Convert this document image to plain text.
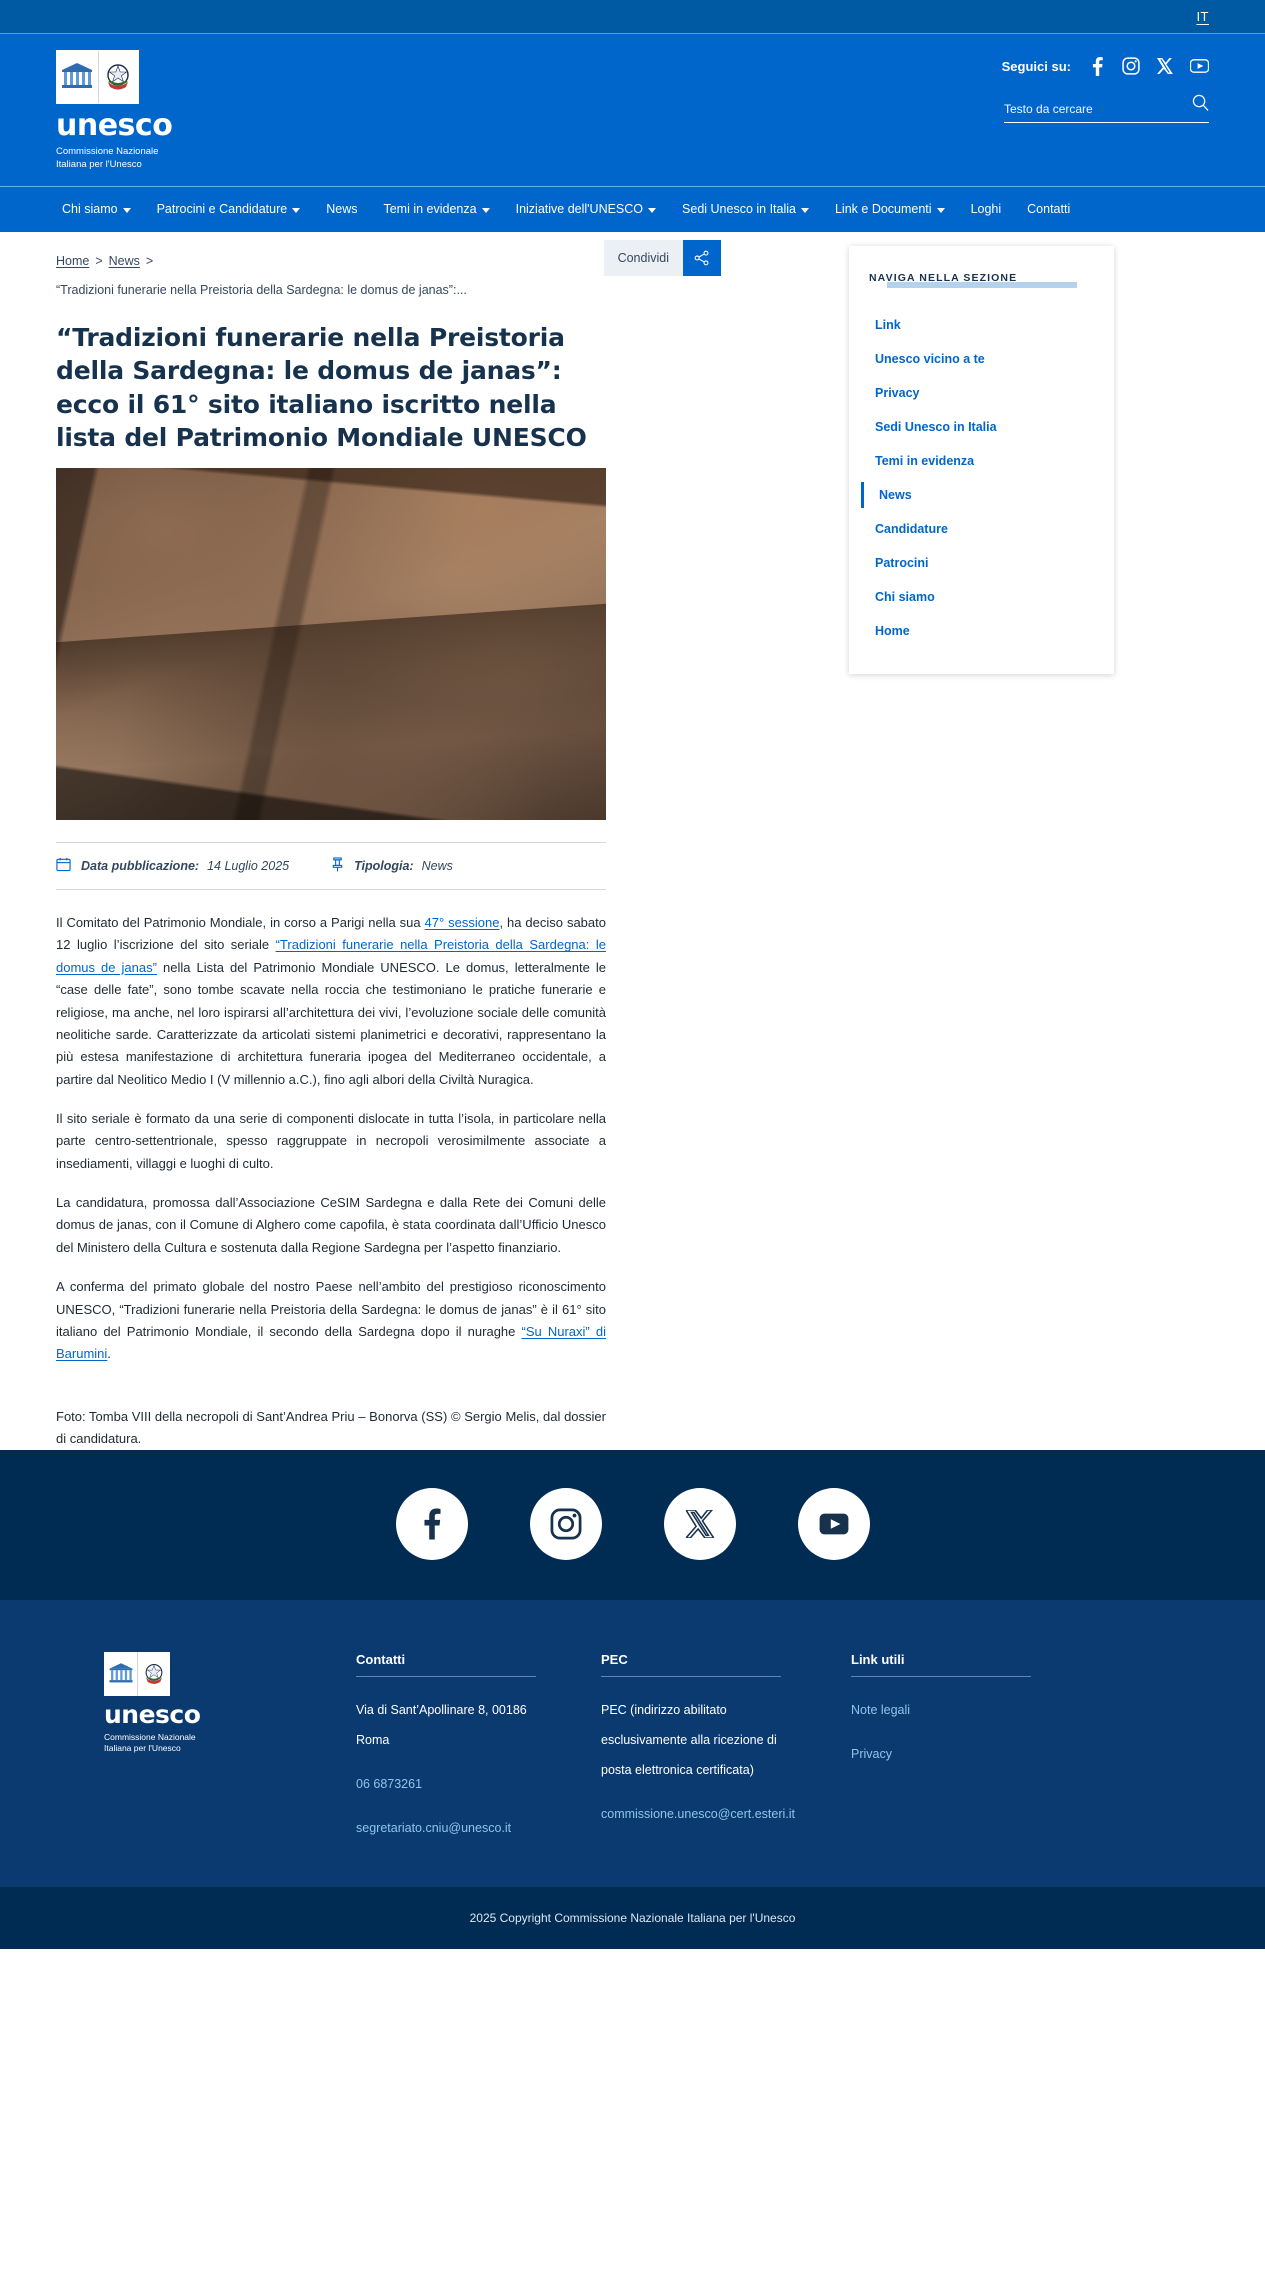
IT
unesco
Commissione Nazionale
Italiana per l'Unesco
Seguici su:
Testo da cercare
Chi siamo	Patrocini e Candidature	News Temi in evidenza	Iniziative dell'UNESCO	Sedi Unesco in Italia	Link e Documenti	Loghi Contatti
Condividi
Home > News >
“Tradizioni funerarie nella Preistoria della Sardegna: le domus de janas”:...
“Tradizioni funerarie nella Preistoria della Sardegna: le domus de janas”: ecco il 61° sito italiano iscritto nella lista del Patrimonio Mondiale UNESCO
Data pubblicazione: 14 Luglio 2025	Tipologia: News

Il Comitato del Patrimonio Mondiale, in corso a Parigi nella sua 47° sessione, ha deciso sabato 12 luglio l’iscrizione del sito seriale “Tradizioni funerarie nella Preistoria della Sardegna: le domus de janas” nella Lista del Patrimonio Mondiale UNESCO. Le domus, letteralmente le “case delle fate”, sono tombe scavate nella roccia che testimoniano le pratiche funerarie e religiose, ma anche, nel loro ispirarsi all’architettura dei vivi, l’evoluzione sociale delle comunità neolitiche sarde. Caratterizzate da articolati sistemi planimetrici e decorativi, rappresentano la più estesa manifestazione di architettura funeraria ipogea del Mediterraneo occidentale, a partire dal Neolitico Medio I (V millennio a.C.), fino agli albori della Civiltà Nuragica.

Il sito seriale è formato da una serie di componenti dislocate in tutta l’isola, in particolare nella parte centro-settentrionale, spesso raggruppate in necropoli verosimilmente associate a insediamenti, villaggi e luoghi di culto.

La candidatura, promossa dall’Associazione CeSIM Sardegna e dalla Rete dei Comuni delle domus de janas, con il Comune di Alghero come capofila, è stata coordinata dall’Ufficio Unesco del Ministero della Cultura e sostenuta dalla Regione Sardegna per l’aspetto finanziario.

A conferma del primato globale del nostro Paese nell’ambito del prestigioso riconoscimento UNESCO, “Tradizioni funerarie nella Preistoria della Sardegna: le domus de janas” è il 61° sito italiano del Patrimonio Mondiale, il secondo della Sardegna dopo il nuraghe “Su Nuraxi” di Barumini.

Foto: Tomba VIII della necropoli di Sant’Andrea Priu – Bonorva (SS) © Sergio Melis, dal dossier di candidatura.

NAVIGA NELLA SEZIONE
Link
Unesco vicino a te
Privacy
Sedi Unesco in Italia
Temi in evidenza
News
Candidature
Patrocini
Chi siamo
Home
unesco
Commissione Nazionale
Italiana per l'Unesco
Contatti
Via di Sant’Apollinare 8, 00186
Roma
06 6873261
segretariato.cniu@unesco.it
PEC
PEC (indirizzo abilitato
esclusivamente alla ricezione di
posta elettronica certificata)
commissione.unesco@cert.esteri.it
Link utili
Note legali
Privacy
2025 Copyright Commissione Nazionale Italiana per l'Unesco
